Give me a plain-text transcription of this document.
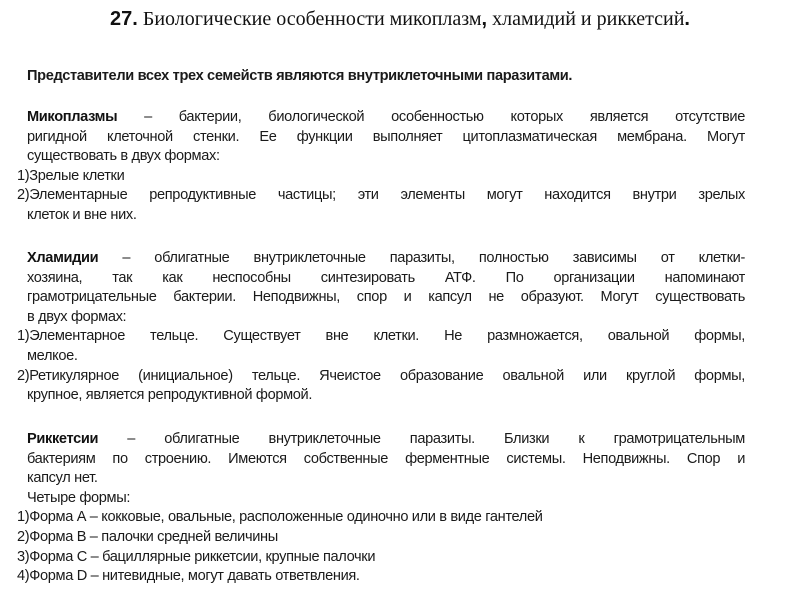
27. Биологические особенности микоплазм, хламидий и риккетсий.
Представители всех трех семейств являются внутриклеточными паразитами.
Микоплазмы – бактерии, биологической особенностью которых является отсутствие
ригидной клеточной стенки. Ее функции выполняет цитоплазматическая мембрана. Могут
существовать в двух формах:
1)Зрелые клетки
2)Элементарные репродуктивные частицы; эти элементы могут находится внутри зрелых
клеток и вне них.
Хламидии – облигатные внутриклеточные паразиты, полностью зависимы от клетки-
хозяина, так как неспособны синтезировать АТФ. По организации напоминают
грамотрицательные бактерии. Неподвижны, спор и капсул не образуют. Могут существовать
в двух формах:
1)Элементарное тельце. Существует вне клетки. Не размножается, овальной формы,
мелкое.
2)Ретикулярное (инициальное) тельце. Ячеистое образование овальной или круглой формы,
крупное, является репродуктивной формой.
Риккетсии – облигатные внутриклеточные паразиты. Близки к грамотрицательным
бактериям по строению. Имеются собственные ферментные системы. Неподвижны. Спор и
капсул нет.
Четыре формы:
1)Форма А – кокковые, овальные, расположенные одиночно или в виде гантелей
2)Форма В – палочки средней величины
3)Форма С – бациллярные риккетсии, крупные палочки
4)Форма D – нитевидные, могут давать ответвления.
